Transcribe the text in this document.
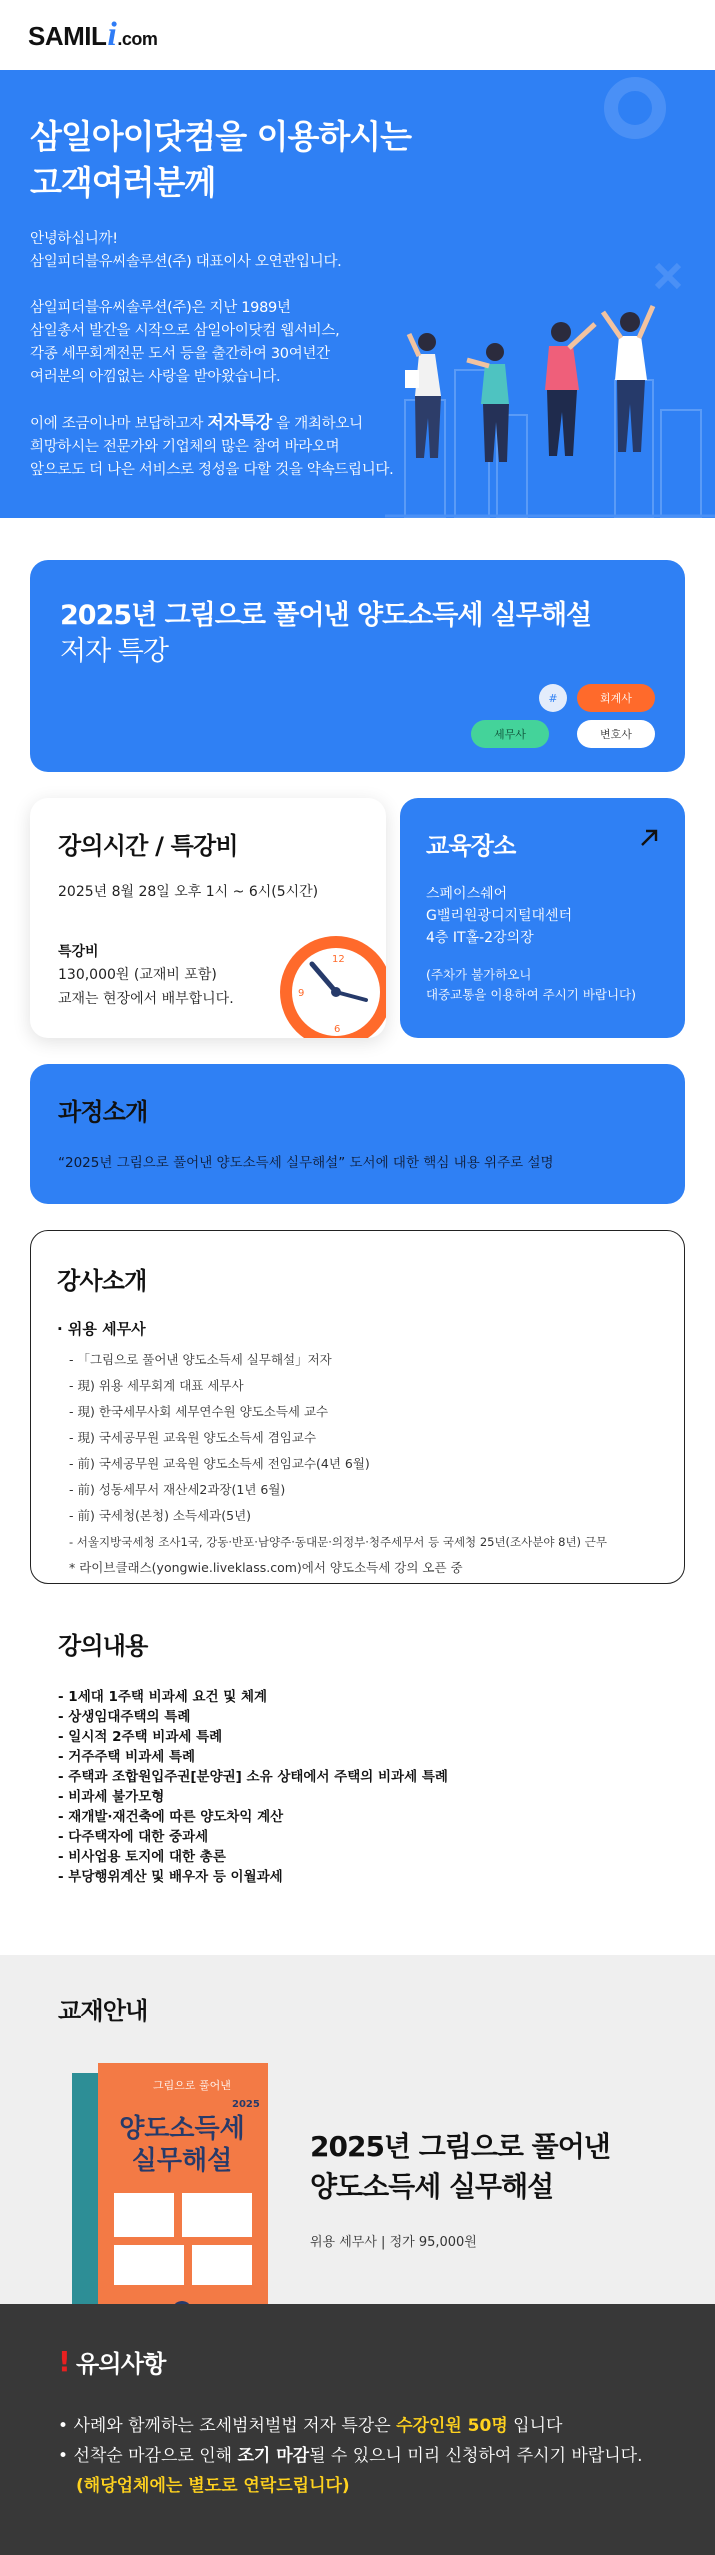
SAMIL i .com
삼일아이닷컴을 이용하시는
고객여러분께
안녕하십니까!
삼일피더블유씨솔루션(주) 대표이사 오연관입니다.
삼일피더블유씨솔루션(주)은 지난 1989년
삼일총서 발간을 시작으로 삼일아이닷컴 웹서비스,
각종 세무회계전문 도서 등을 출간하여 30여년간
여러분의 아낌없는 사랑을 받아왔습니다.
이에 조금이나마 보답하고자 저자특강 을 개최하오니
희망하시는 전문가와 기업체의 많은 참여 바라오며
앞으로도 더 나은 서비스로 정성을 다할 것을 약속드립니다.
2025년 그림으로 풀어낸 양도소득세 실무해설
저자 특강
#	회계사
세무사	변호사
강의시간 / 특강비
2025년 8월 28일 오후 1시 ~ 6시(5시간)
특강비
130,000원 (교재비 포함)
교재는 현장에서 배부합니다.
12
9
6
교육장소
스페이스쉐어
G밸리원광디지털대센터
4층 IT홀-2강의장
(주차가 불가하오니
대중교통을 이용하여 주시기 바랍니다)
과정소개

“2025년 그림으로 풀어낸 양도소득세 실무해설” 도서에 대한 핵심 내용 위주로 설명

강사소개
· 위용 세무사
- 「그림으로 풀어낸 양도소득세 실무해설」저자
- 現) 위용 세무회계 대표 세무사
- 現) 한국세무사회 세무연수원 양도소득세 교수
- 現) 국세공무원 교육원 양도소득세 겸임교수
- 前) 국세공무원 교육원 양도소득세 전임교수(4년 6월)
- 前) 성동세무서 재산세2과장(1년 6월)
- 前) 국세청(본청) 소득세과(5년)
- 서울지방국세청 조사1국, 강동·반포·남양주·동대문·의정부·청주세무서 등 국세청 25년(조사분야 8년) 근무
* 라이브클래스(yongwie.liveklass.com)에서 양도소득세 강의 오픈 중
강의내용
- 1세대 1주택 비과세 요건 및 체계
- 상생임대주택의 특례
- 일시적 2주택 비과세 특례
- 거주주택 비과세 특례
- 주택과 조합원입주권[분양권] 소유 상태에서 주택의 비과세 특례
- 비과세 불가모형
- 재개발·재건축에 따른 양도차익 계산
- 다주택자에 대한 중과세
- 비사업용 토지에 대한 총론
- 부당행위계산 및 배우자 등 이월과세
교재안내
그림으로 풀어낸
2025
양도소득세
실무해설	2025년 그림으로 풀어낸
양도소득세 실무해설
위용 세무사 | 정가 95,000원
! 유의사항
• 사례와 함께하는 조세범처벌법 저자 특강은 수강인원 50명 입니다
• 선착순 마감으로 인해 조기 마감될 수 있으니 미리 신청하여 주시기 바랍니다.
(해당업체에는 별도로 연락드립니다)
